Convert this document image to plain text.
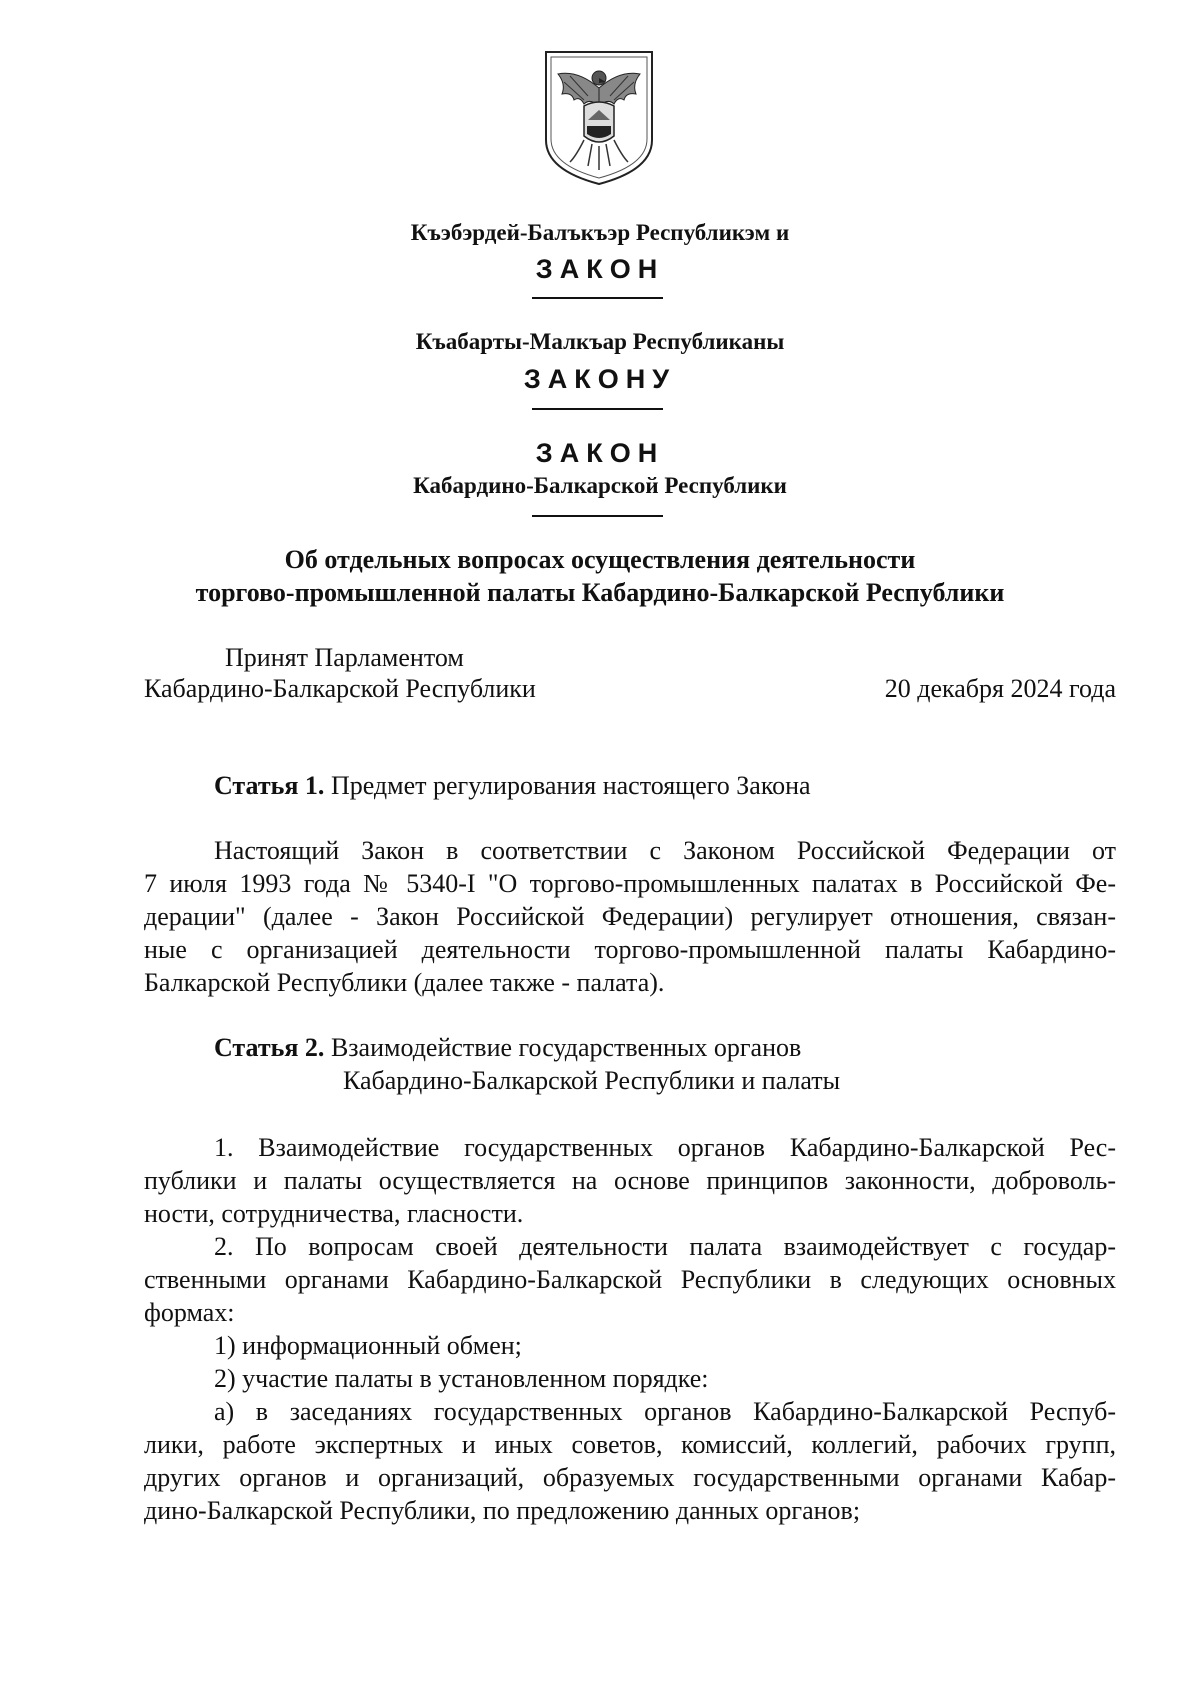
Къэбэрдей-Балъкъэр Республикэм и
ЗАКОН
Къабарты-Малкъар Республиканы
ЗАКОНУ
ЗАКОН
Кабардино-Балкарской Республики
Об отдельных вопросах осуществления деятельности
торгово-промышленной палаты Кабардино-Балкарской Республики
Принят Парламентом
Кабардино-Балкарской Республики	20 декабря 2024 года
Статья 1. Предмет регулирования настоящего Закона
Настоящий Закон в соответствии с Законом Российской Федерации от
7 июля 1993 года № 5340-I "О торгово-промышленных палатах в Российской Фе-
дерации" (далее - Закон Российской Федерации) регулирует отношения, связан-
ные с организацией деятельности торгово-промышленной палаты Кабардино-
Балкарской Республики (далее также - палата).
Статья 2. Взаимодействие государственных органов
Кабардино-Балкарской Республики и палаты
1. Взаимодействие государственных органов Кабардино-Балкарской Рес-
публики и палаты осуществляется на основе принципов законности, доброволь-
ности, сотрудничества, гласности.
2. По вопросам своей деятельности палата взаимодействует с государ-
ственными органами Кабардино-Балкарской Республики в следующих основных
формах:
1) информационный обмен;
2) участие палаты в установленном порядке:
а) в заседаниях государственных органов Кабардино-Балкарской Респуб-
лики, работе экспертных и иных советов, комиссий, коллегий, рабочих групп,
других органов и организаций, образуемых государственными органами Кабар-
дино-Балкарской Республики, по предложению данных органов;
